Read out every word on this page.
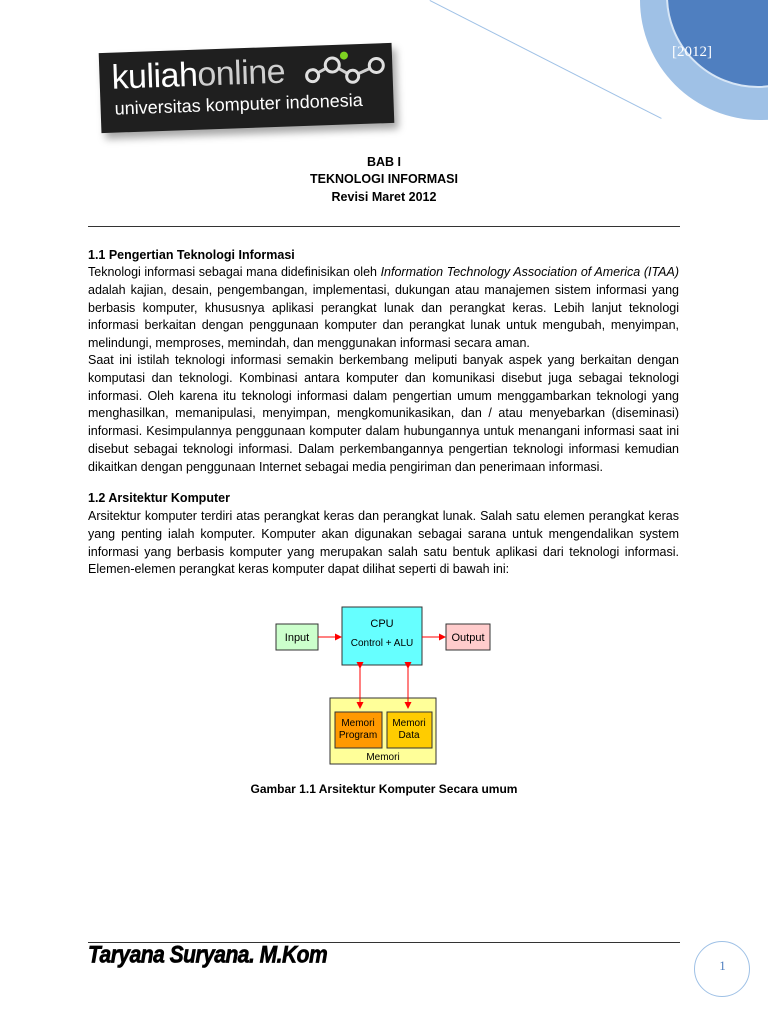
[2012]
kuliahonline
universitas komputer indonesia
BAB I
TEKNOLOGI INFORMASI
Revisi Maret 2012
1.1 Pengertian Teknologi Informasi
Teknologi informasi sebagai mana didefinisikan oleh Information Technology Association of America (ITAA) adalah kajian, desain, pengembangan, implementasi, dukungan atau manajemen sistem informasi yang berbasis komputer, khususnya aplikasi perangkat lunak dan perangkat keras. Lebih lanjut teknologi informasi berkaitan dengan penggunaan komputer dan perangkat lunak untuk mengubah, menyimpan, melindungi, memproses, memindah, dan menggunakan informasi secara aman.
Saat ini istilah teknologi informasi semakin berkembang meliputi banyak aspek yang berkaitan dengan komputasi dan teknologi. Kombinasi antara komputer dan komunikasi disebut juga sebagai teknologi informasi. Oleh karena itu teknologi informasi dalam pengertian umum menggambarkan teknologi yang menghasilkan, memanipulasi, menyimpan, mengkomunikasikan, dan / atau menyebarkan (diseminasi) informasi. Kesimpulannya penggunaan komputer dalam hubungannya untuk menangani informasi saat ini disebut sebagai teknologi informasi. Dalam perkembangannya pengertian teknologi informasi kemudian dikaitkan dengan penggunaan Internet sebagai media pengiriman dan penerimaan informasi.
1.2 Arsitektur Komputer
Arsitektur komputer terdiri atas perangkat keras dan perangkat lunak. Salah satu elemen perangkat keras yang penting ialah komputer. Komputer akan digunakan sebagai sarana untuk mengendalikan system informasi yang berbasis komputer yang merupakan salah satu bentuk aplikasi dari teknologi informasi. Elemen-elemen perangkat keras komputer dapat dilihat seperti di bawah ini:
Memori
Program
Memori
Data
Memori
Input
CPU
Control + ALU	Output
Gambar 1.1 Arsitektur Komputer Secara umum
Taryana Suryana. M.Kom	1
